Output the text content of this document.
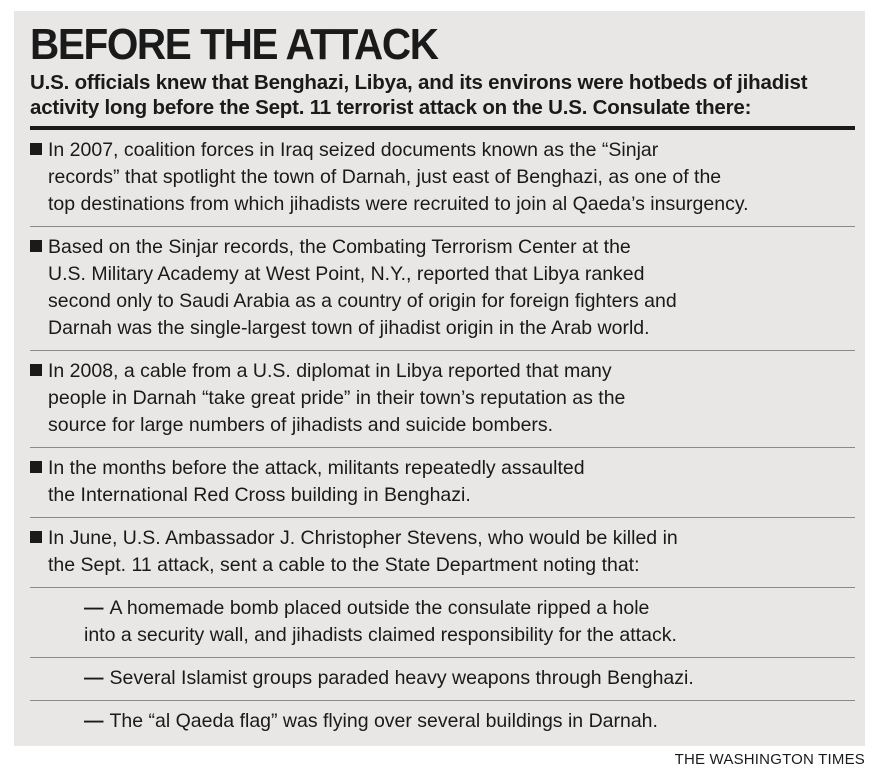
BEFORE THE ATTACK
U.S. officials knew that Benghazi, Libya, and its environs were hotbeds of jihadist
activity long before the Sept. 11 terrorist attack on the U.S. Consulate there:
In 2007, coalition forces in Iraq seized documents known as the “Sinjar
records” that spotlight the town of Darnah, just east of Benghazi, as one of the
top destinations from which jihadists were recruited to join al Qaeda’s insurgency.
Based on the Sinjar records, the Combating Terrorism Center at the
U.S. Military Academy at West Point, N.Y., reported that Libya ranked
second only to Saudi Arabia as a country of origin for foreign fighters and
Darnah was the single-largest town of jihadist origin in the Arab world.
In 2008, a cable from a U.S. diplomat in Libya reported that many
people in Darnah “take great pride” in their town’s reputation as the
source for large numbers of jihadists and suicide bombers.
In the months before the attack, militants repeatedly assaulted
the International Red Cross building in Benghazi.
In June, U.S. Ambassador J. Christopher Stevens, who would be killed in
the Sept. 11 attack, sent a cable to the State Department noting that:
— A homemade bomb placed outside the consulate ripped a hole
into a security wall, and jihadists claimed responsibility for the attack.
— Several Islamist groups paraded heavy weapons through Benghazi.
— The “al Qaeda flag” was flying over several buildings in Darnah.
THE WASHINGTON TIMES
